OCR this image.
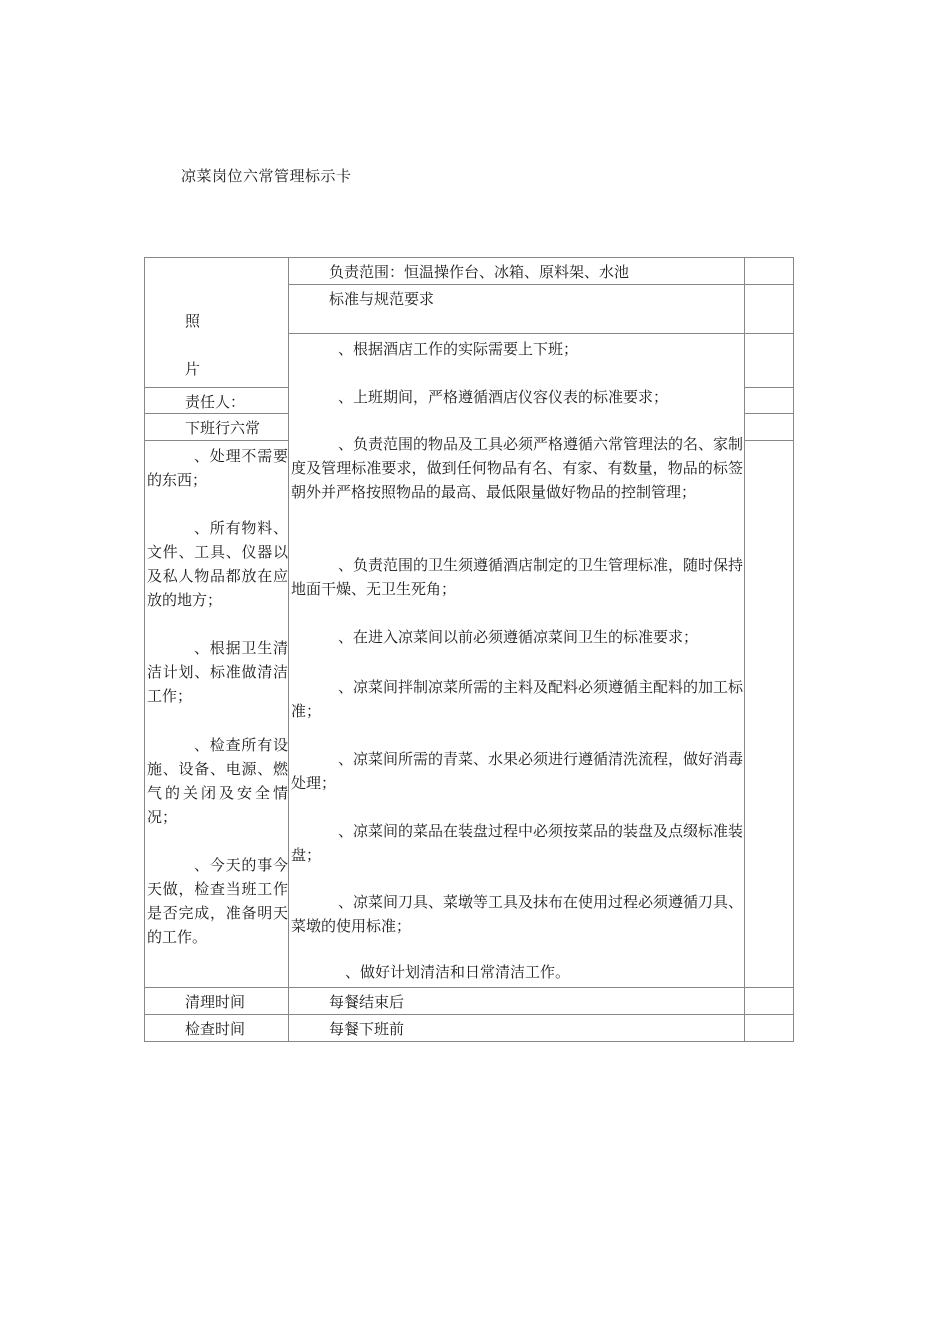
凉菜岗位六常管理标示卡
照
片
责任人：
下班行六常
、处理不需要的东西；
、所有物料、文件、工具、仪器以及私人物品都放在应放的地方；
、根据卫生清洁计划、标准做清洁工作；
、检查所有设施、设备、电源、燃气的关闭及安全情况；
、今天的事今天做，检查当班工作是否完成，准备明天的工作。
清理时间
检查时间
负责范围：恒温操作台、冰箱、原料架、水池
标准与规范要求
、根据酒店工作的实际需要上下班；
、上班期间，严格遵循酒店仪容仪表的标准要求；
、负责范围的物品及工具必须严格遵循六常管理法的名、家制度及管理标准要求，做到任何物品有名、有家、有数量，物品的标签朝外并严格按照物品的最高、最低限量做好物品的控制管理；
、负责范围的卫生须遵循酒店制定的卫生管理标准，随时保持地面干燥、无卫生死角；
、在进入凉菜间以前必须遵循凉菜间卫生的标准要求；
、凉菜间拌制凉菜所需的主料及配料必须遵循主配料的加工标准；
、凉菜间所需的青菜、水果必须进行遵循清洗流程，做好消毒处理；
、凉菜间的菜品在装盘过程中必须按菜品的装盘及点缀标准装盘；
、凉菜间刀具、菜墩等工具及抹布在使用过程必须遵循刀具、菜墩的使用标准；
、做好计划清洁和日常清洁工作。
每餐结束后
每餐下班前
